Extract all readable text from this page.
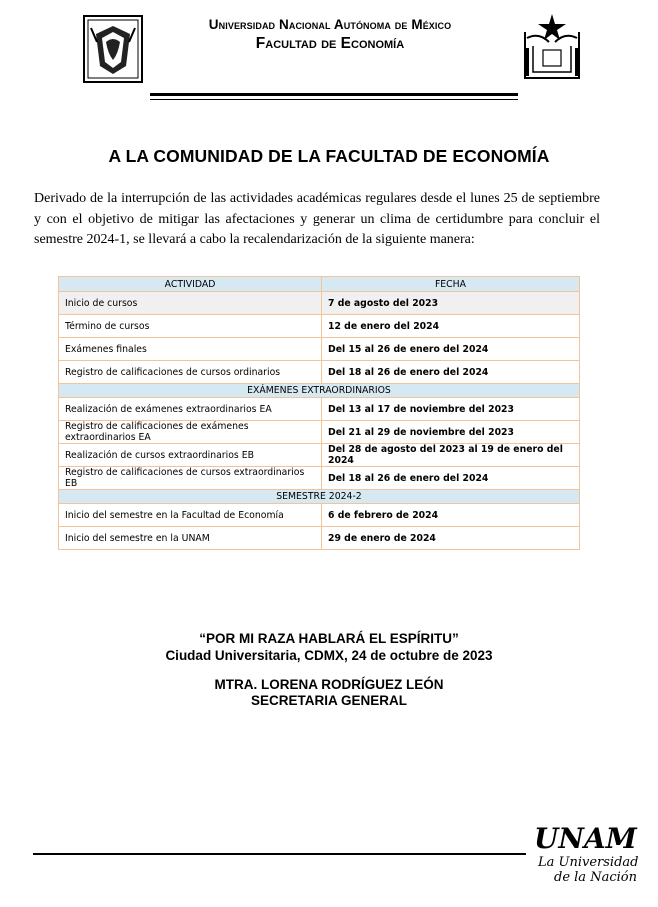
Universidad Nacional Autónoma de México
Facultad de Economía
A LA COMUNIDAD DE LA FACULTAD DE ECONOMÍA
Derivado de la interrupción de las actividades académicas regulares desde el lunes 25 de septiembre y con el objetivo de mitigar las afectaciones y generar un clima de certidumbre para concluir el semestre 2024-1, se llevará a cabo la recalendarización de la siguiente manera:
ACTIVIDAD	FECHA
Inicio de cursos	7 de agosto del 2023
Término de cursos	12 de enero del 2024
Exámenes finales	Del 15 al 26 de enero del 2024
Registro de calificaciones de cursos ordinarios	Del 18 al 26 de enero del 2024
EXÁMENES EXTRAORDINARIOS	
Realización de exámenes extraordinarios EA	Del 13 al 17 de noviembre del 2023
Registro de calificaciones de exámenes extraordinarios EA	Del 21 al 29 de noviembre del 2023
Realización de cursos extraordinarios EB	Del 28 de agosto del 2023 al 19 de enero del 2024
Registro de calificaciones de cursos extraordinarios EB	Del 18 al 26 de enero del 2024
SEMESTRE 2024-2	
Inicio del semestre en la Facultad de Economía	6 de febrero de 2024
Inicio del semestre en la UNAM	29 de enero de 2024
“POR MI RAZA HABLARÁ EL ESPÍRITU”
Ciudad Universitaria, CDMX, 24 de octubre de 2023
MTRA. LORENA RODRÍGUEZ LEÓN
SECRETARIA GENERAL
UNAM
La Universidad
de la Nación
